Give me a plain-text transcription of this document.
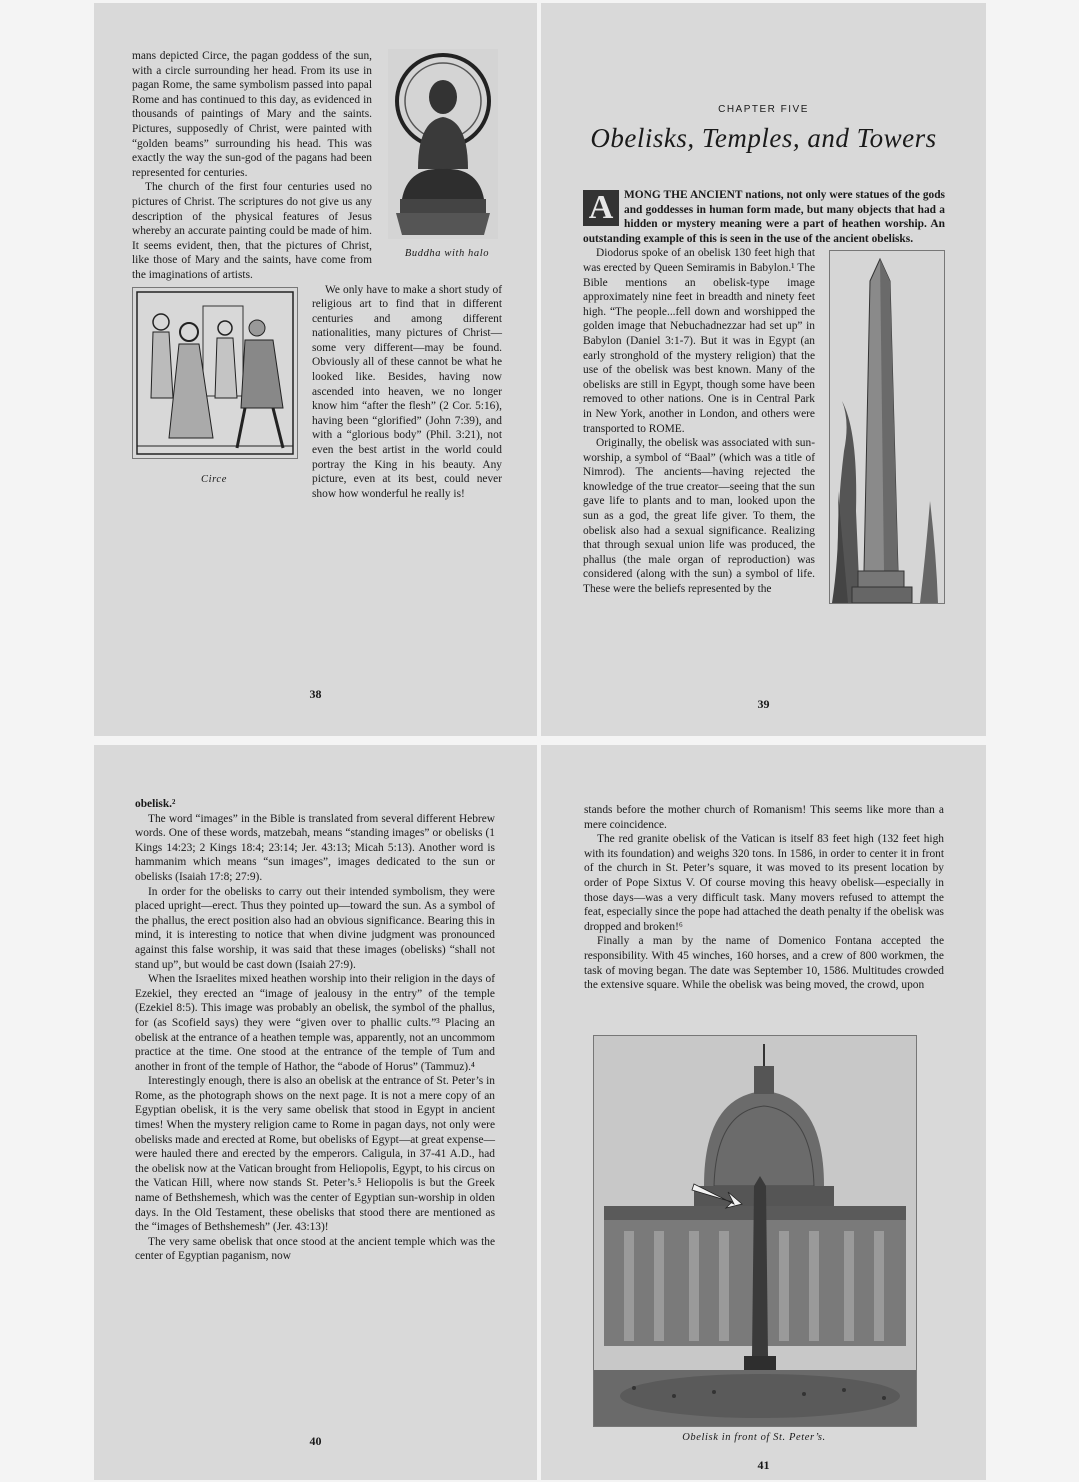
Buddha with halo

mans depicted Circe, the pagan goddess of the sun, with a circle surrounding her head. From its use in pagan Rome, the same symbolism passed into papal Rome and has continued to this day, as evidenced in thousands of paintings of Mary and the saints. Pictures, supposedly of Christ, were painted with “golden beams” surrounding his head. This was exactly the way the sun-god of the pagans had been represented for centuries.

The church of the first four centuries used no pictures of Christ. The scriptures do not give us any description of the physical features of Jesus whereby an accurate painting could be made of him. It seems evident, then, that the pictures of Christ, like those of Mary and the saints, have come from the imaginations of artists.

Circe

We only have to make a short study of religious art to find that in different centuries and among different nationalities, many pictures of Christ—some very different—may be found. Obviously all of these cannot be what he looked like. Besides, having now ascended into heaven, we no longer know him “after the flesh” (2 Cor. 5:16), having been “glorified” (John 7:39), and with a “glorious body” (Phil. 3:21), not even the best artist in the world could portray the King in his beauty. Any picture, even at its best, could never show how wonderful he really is!

38
CHAPTER FIVE
Obelisks, Temples, and Towers
A MONG THE ANCIENT nations, not only were statues of the gods and goddesses in human form made, but many objects that had a hidden or mystery meaning were a part of heathen worship. An outstanding example of this is seen in the use of the ancient obelisks.

Diodorus spoke of an obelisk 130 feet high that was erected by Queen Semiramis in Babylon.¹ The Bible mentions an obelisk-type image approximately nine feet in breadth and ninety feet high. “The people...fell down and worshipped the golden image that Nebuchadnezzar had set up” in Babylon (Daniel 3:1-7). But it was in Egypt (an early stronghold of the mystery religion) that the use of the obelisk was best known. Many of the obelisks are still in Egypt, though some have been removed to other nations. One is in Central Park in New York, another in London, and others were transported to ROME.

Originally, the obelisk was associated with sun-worship, a symbol of “Baal” (which was a title of Nimrod). The ancients—having rejected the knowledge of the true creator—seeing that the sun gave life to plants and to man, looked upon the sun as a god, the great life giver. To them, the obelisk also had a sexual significance. Realizing that through sexual union life was produced, the phallus (the male organ of reproduction) was considered (along with the sun) a symbol of life. These were the beliefs represented by the

39

obelisk.²

The word “images” in the Bible is translated from several different Hebrew words. One of these words, matzebah, means “standing images” or obelisks (1 Kings 14:23; 2 Kings 18:4; 23:14; Jer. 43:13; Micah 5:13). Another word is hammanim which means “sun images”, images dedicated to the sun or obelisks (Isaiah 17:8; 27:9).

In order for the obelisks to carry out their intended symbolism, they were placed upright—erect. Thus they pointed up—toward the sun. As a symbol of the phallus, the erect position also had an obvious significance. Bearing this in mind, it is interesting to notice that when divine judgment was pronounced against this false worship, it was said that these images (obelisks) “shall not stand up”, but would be cast down (Isaiah 27:9).

When the Israelites mixed heathen worship into their religion in the days of Ezekiel, they erected an “image of jealousy in the entry” of the temple (Ezekiel 8:5). This image was probably an obelisk, the symbol of the phallus, for (as Scofield says) they were “given over to phallic cults.”³ Placing an obelisk at the entrance of a heathen temple was, apparently, not an uncommom practice at the time. One stood at the entrance of the temple of Tum and another in front of the temple of Hathor, the “abode of Horus” (Tammuz).⁴

Interestingly enough, there is also an obelisk at the entrance of St. Peter’s in Rome, as the photograph shows on the next page. It is not a mere copy of an Egyptian obelisk, it is the very same obelisk that stood in Egypt in ancient times! When the mystery religion came to Rome in pagan days, not only were obelisks made and erected at Rome, but obelisks of Egypt—at great expense—were hauled there and erected by the emperors. Caligula, in 37-41 A.D., had the obelisk now at the Vatican brought from Heliopolis, Egypt, to his circus on the Vatican Hill, where now stands St. Peter’s.⁵ Heliopolis is but the Greek name of Bethshemesh, which was the center of Egyptian sun-worship in olden days. In the Old Testament, these obelisks that stood there are mentioned as the “images of Bethshemesh” (Jer. 43:13)!

The very same obelisk that once stood at the ancient temple which was the center of Egyptian paganism, now

40

stands before the mother church of Romanism! This seems like more than a mere coincidence.

The red granite obelisk of the Vatican is itself 83 feet high (132 feet high with its foundation) and weighs 320 tons. In 1586, in order to center it in front of the church in St. Peter’s square, it was moved to its present location by order of Pope Sixtus V. Of course moving this heavy obelisk—especially in those days—was a very difficult task. Many movers refused to attempt the feat, especially since the pope had attached the death penalty if the obelisk was dropped and broken!⁶

Finally a man by the name of Domenico Fontana accepted the responsibility. With 45 winches, 160 horses, and a crew of 800 workmen, the task of moving began. The date was September 10, 1586. Multitudes crowded the extensive square. While the obelisk was being moved, the crowd, upon

Obelisk in front of St. Peter’s.
41
